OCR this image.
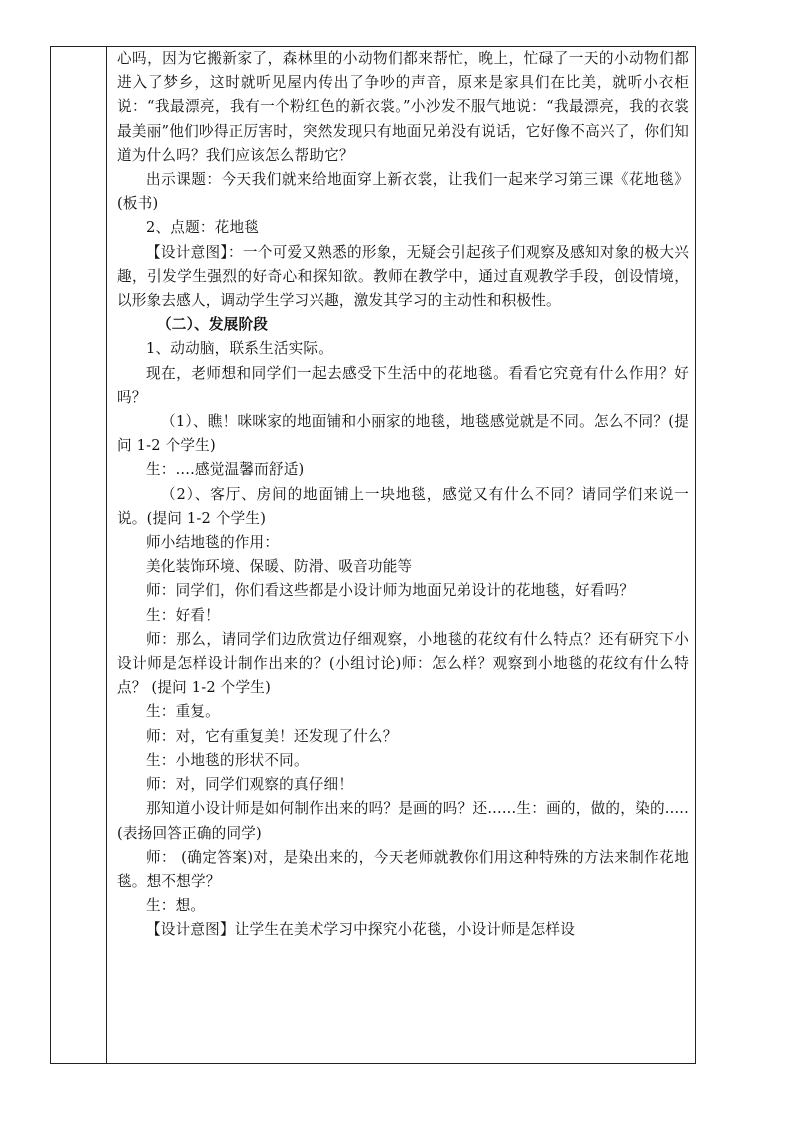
心吗，因为它搬新家了，森林里的小动物们都来帮忙，晚上，忙碌了一天的小动物们都进入了梦乡，这时就听见屋内传出了争吵的声音，原来是家具们在比美，就听小衣柜说：“我最漂亮，我有一个粉红色的新衣裳。”小沙发不服气地说：“我最漂亮，我的衣裳最美丽”他们吵得正厉害时，突然发现只有地面兄弟没有说话，它好像不高兴了，你们知道为什么吗？我们应该怎么帮助它？

出示课题：今天我们就来给地面穿上新衣裳，让我们一起来学习第三课《花地毯》(板书)

2、点题：花地毯

【设计意图】：一个可爱又熟悉的形象，无疑会引起孩子们观察及感知对象的极大兴趣，引发学生强烈的好奇心和探知欲。教师在教学中，通过直观教学手段，创设情境，以形象去感人，调动学生学习兴趣，激发其学习的主动性和积极性。

（二）、发展阶段

1、动动脑，联系生活实际。

现在，老师想和同学们一起去感受下生活中的花地毯。看看它究竟有什么作用？好吗？

（1）、瞧！咪咪家的地面铺和小丽家的地毯，地毯感觉就是不同。怎么不同？(提问 1-2 个学生)

生：....感觉温馨而舒适)

（2）、客厅、房间的地面铺上一块地毯，感觉又有什么不同？请同学们来说一说。(提问 1-2 个学生)

师小结地毯的作用：

美化装饰环境、保暖、防滑、吸音功能等

师：同学们，你们看这些都是小设计师为地面兄弟设计的花地毯，好看吗？

生：好看！

师：那么，请同学们边欣赏边仔细观察，小地毯的花纹有什么特点？还有研究下小设计师是怎样设计制作出来的？(小组讨论)师：怎么样？观察到小地毯的花纹有什么特点？ (提问 1-2 个学生)

生：重复。

师：对，它有重复美！还发现了什么？

生：小地毯的形状不同。

师：对，同学们观察的真仔细！

那知道小设计师是如何制作出来的吗？是画的吗？还......生：画的，做的，染的..... (表扬回答正确的同学)

师： (确定答案)对，是染出来的，今天老师就教你们用这种特殊的方法来制作花地毯。想不想学？

生：想。

【设计意图】让学生在美术学习中探究小花毯，小设计师是怎样设
